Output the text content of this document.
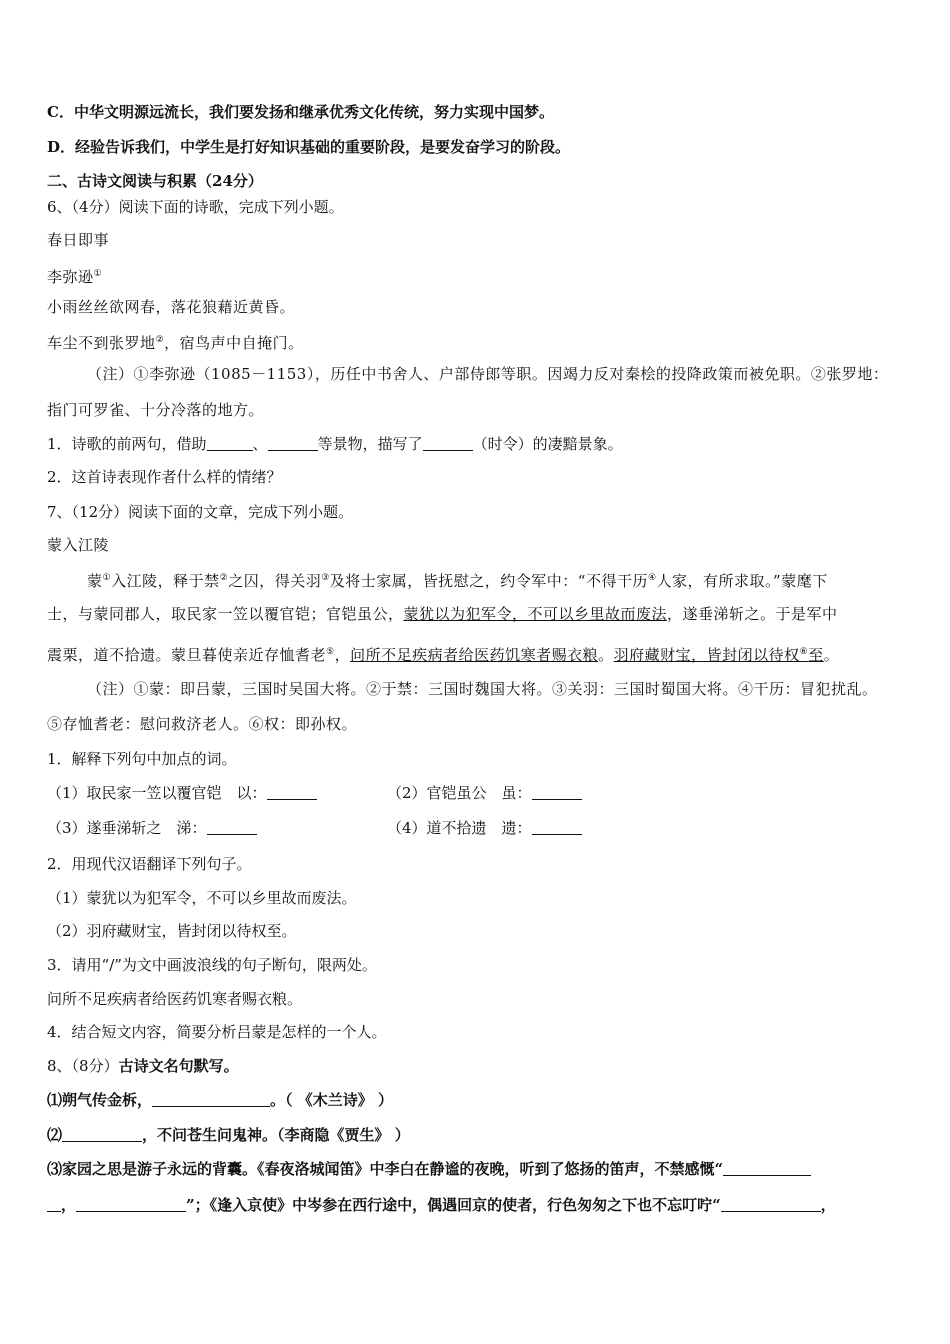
C．中华文明源远流长，我们要发扬和继承优秀文化传统，努力实现中国梦。
D．经验告诉我们，中学生是打好知识基础的重要阶段，是要发奋学习的阶段。
二、古诗文阅读与积累（24分）
6、（4分）阅读下面的诗歌，完成下列小题。
春日即事
李弥逊①
小雨丝丝欲网春，落花狼藉近黄昏。
车尘不到张罗地②，宿鸟声中自掩门。
（注）①李弥逊（1085－1153），历任中书舍人、户部侍郎等职。因竭力反对秦桧的投降政策而被免职。②张罗地：
指门可罗雀、十分冷落的地方。
1．诗歌的前两句，借助	、	等景物，描写了	（时令）的凄黯景象。
2．这首诗表现作者什么样的情绪？
7、（12分）阅读下面的文章，完成下列小题。
蒙入江陵
蒙①入江陵，释于禁②之囚，得关羽③及将士家属，皆抚慰之，约令军中：“不得干历④人家，有所求取。”蒙麾下
士，与蒙同郡人，取民家一笠以覆官铠；官铠虽公，蒙犹以为犯军令，不可以乡里故而废法，遂垂涕斩之。于是军中
震栗，道不拾遗。蒙旦暮使亲近存恤耆老⑤，问所不足疾病者给医药饥寒者赐衣粮。羽府藏财宝，皆封闭以待权⑥至。
（注）①蒙：即吕蒙，三国时吴国大将。②于禁：三国时魏国大将。③关羽：三国时蜀国大将。④干历：冒犯扰乱。
⑤存恤耆老：慰问救济老人。⑥权：即孙权。
1．解释下列句中加点的词。
（1）取民家一笠以覆官铠　以：	（2）官铠虽公　虽：
（3）遂垂涕斩之　涕：	（4）道不拾遗　遗：
2．用现代汉语翻译下列句子。
（1）蒙犹以为犯军令，不可以乡里故而废法。
（2）羽府藏财宝，皆封闭以待权至。
3．请用“/”为文中画波浪线的句子断句，限两处。
问所不足疾病者给医药饥寒者赐衣粮。
4．结合短文内容，简要分析吕蒙是怎样的一个人。
8、（8分）古诗文名句默写。
⑴朔气传金柝，	。（ 《木兰诗》 ）
⑵	，不问苍生问鬼神。（李商隐《贾生》 ）
⑶家园之思是游子永远的背囊。《春夜洛城闻笛》中李白在静谧的夜晚，听到了悠扬的笛声，不禁感慨“
，	”；《逢入京使》中岑参在西行途中，偶遇回京的使者，行色匆匆之下也不忘叮咛“	，
